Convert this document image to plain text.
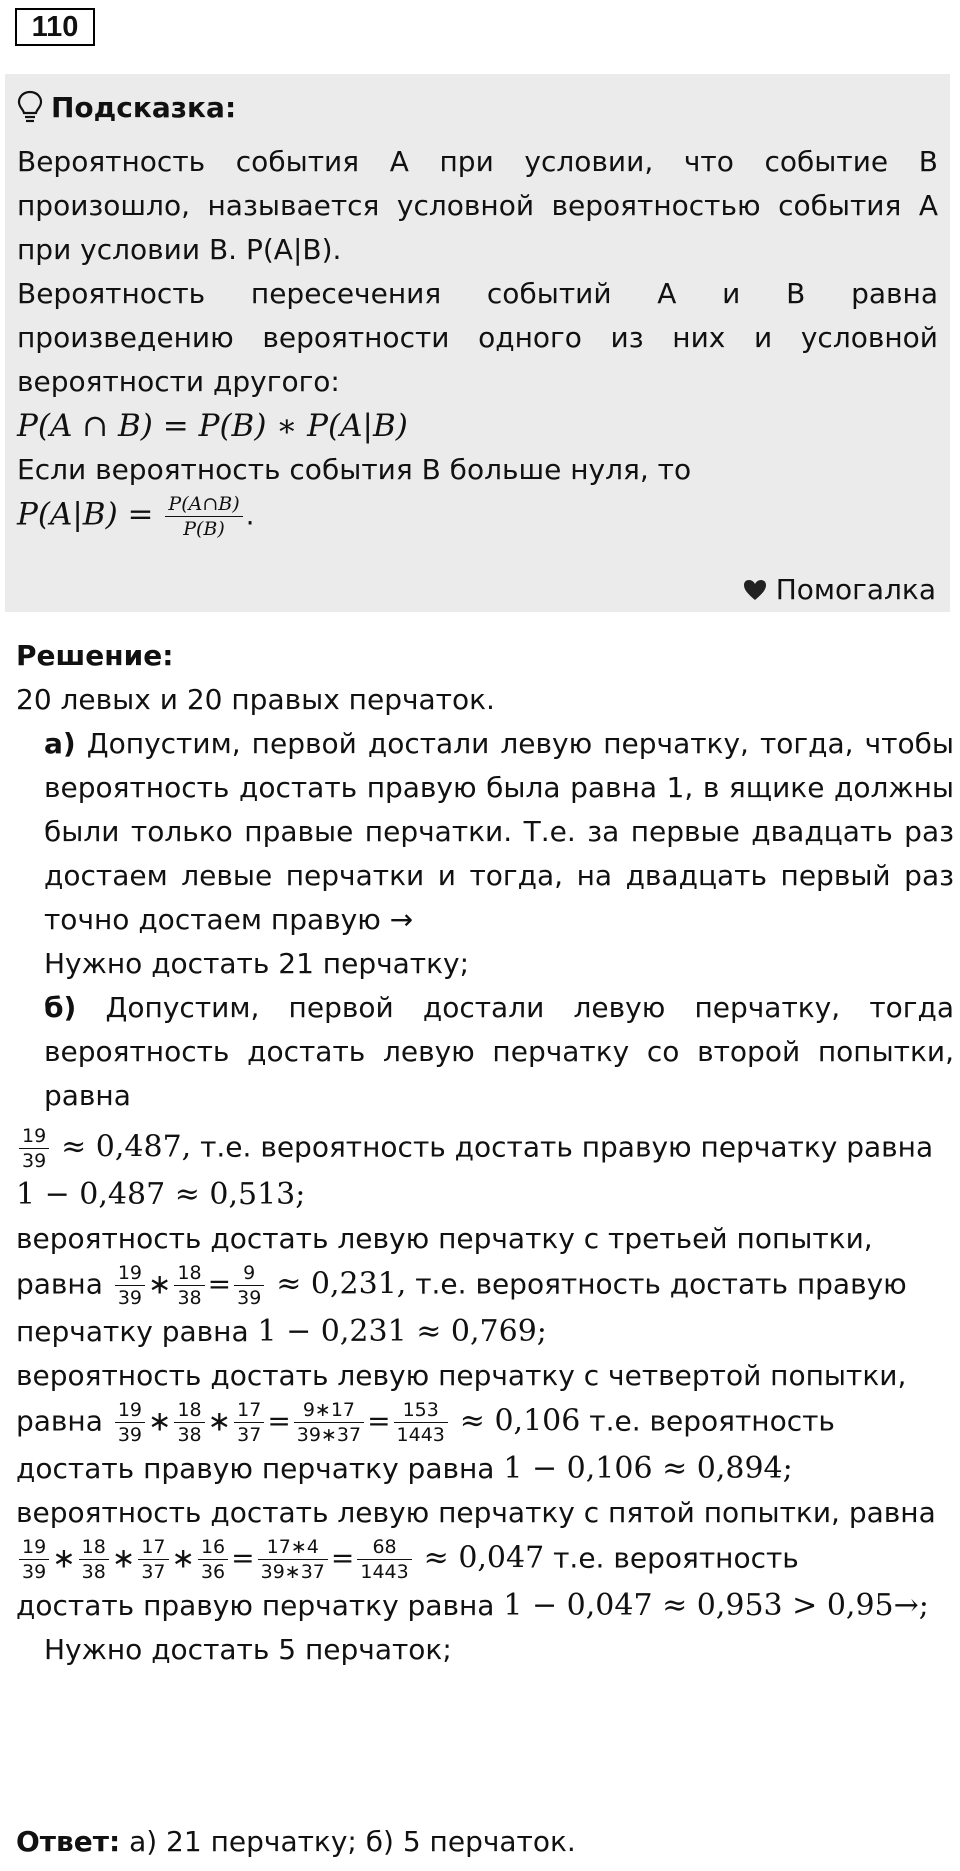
110
Подсказка:
Вероятность события А при условии, что событие В произошло, называется условной вероятностью события А при условии В. P(A|B).
Вероятность пересечения событий А и В равна произведению вероятности одного из них и условной вероятности другого:
P(A ∩ B) = P(B) ∗ P(A|B)
Если вероятность события В больше нуля, то
$P(A|B) = \frac{P(A\cap B)}{P(B)}$ .
Помогалка
Решение:
20 левых и 20 правых перчаток.
а) Допустим, первой достали левую перчатку, тогда, чтобы вероятность достать правую была равна 1, в ящике должны были только правые перчатки. Т.е. за первые двадцать раз достаем левые перчатки и тогда, на двадцать первый раз точно достаем правую →
Нужно достать 21 перчатку;
б) Допустим, первой достали левую перчатку, тогда вероятность достать левую перчатку со второй попытки, равна
$\frac{19}{39} \approx 0,487$, т.е. вероятность достать правую перчатку равна
1 − 0,487 ≈ 0,513;
вероятность достать левую перчатку с третьей попытки,
равна $\frac{19}{39}$ ∗ $\frac{18}{38} = \frac{9}{39} \approx 0,231$, т.е. вероятность достать правую
перчатку равна 1 − 0,231 ≈ 0,769;
вероятность достать левую перчатку с четвертой попытки,
равна $\frac{19}{39}$ ∗ $\frac{18}{38}$ ∗ $\frac{17}{37} = \frac{9∗17}{39∗37} = \frac{153}{1443} \approx 0,106$ т.е. вероятность
достать правую перчатку равна 1 − 0,106 ≈ 0,894;
вероятность достать левую перчатку с пятой попытки, равна
$\frac{19}{39}$ ∗ $\frac{18}{38}$ ∗ $\frac{17}{37}$ ∗ $\frac{16}{36} = \frac{17∗4}{39∗37} = \frac{68}{1443} \approx 0,047$ т.е. вероятность
достать правую перчатку равна 1 − 0,047 ≈ 0,953 > 0,95→;
Нужно достать 5 перчаток;
Ответ: а) 21 перчатку; б) 5 перчаток.
